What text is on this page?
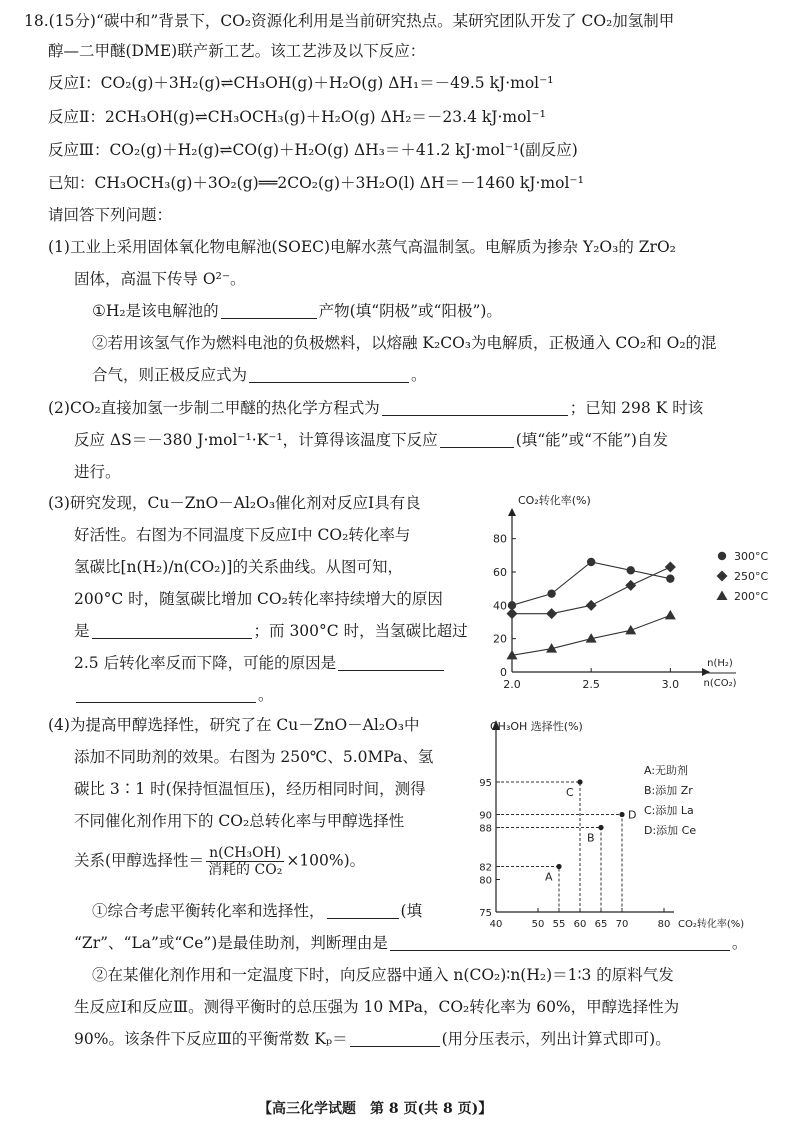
18.(15分)“碳中和”背景下，CO₂资源化利用是当前研究热点。某研究团队开发了 CO₂加氢制甲
醇—二甲醚(DME)联产新工艺。该工艺涉及以下反应：
反应Ⅰ：CO₂(g)＋3H₂(g)⇌CH₃OH(g)＋H₂O(g) ΔH₁＝－49.5 kJ·mol⁻¹
反应Ⅱ：2CH₃OH(g)⇌CH₃OCH₃(g)＋H₂O(g) ΔH₂＝－23.4 kJ·mol⁻¹
反应Ⅲ：CO₂(g)＋H₂(g)⇌CO(g)＋H₂O(g) ΔH₃＝＋41.2 kJ·mol⁻¹(副反应)
已知：CH₃OCH₃(g)＋3O₂(g)══2CO₂(g)＋3H₂O(l) ΔH＝－1460 kJ·mol⁻¹
请回答下列问题：
(1)工业上采用固体氧化物电解池(SOEC)电解水蒸气高温制氢。电解质为掺杂 Y₂O₃的 ZrO₂
固体，高温下传导 O²⁻。
①H₂是该电解池的	产物(填“阴极”或“阳极”)。
②若用该氢气作为燃料电池的负极燃料，以熔融 K₂CO₃为电解质，正极通入 CO₂和 O₂的混
合气，则正极反应式为	。
(2)CO₂直接加氢一步制二甲醚的热化学方程式为	；已知 298 K 时该
反应 ΔS＝－380 J·mol⁻¹·K⁻¹，计算得该温度下反应	(填“能”或“不能”)自发
进行。
(3)研究发现，Cu－ZnO－Al₂O₃催化剂对反应Ⅰ具有良
好活性。右图为不同温度下反应Ⅰ中 CO₂转化率与
氢碳比[n(H₂)/n(CO₂)]的关系曲线。从图可知，
200°C 时，随氢碳比增加 CO₂转化率持续增大的原因
是	；而 300°C 时，当氢碳比超过
2.5 后转化率反而下降，可能的原因是
。
CO₂转化率(%)
0
20
40
60
80
2.0	2.5	3.0
n(H₂)
n(CO₂)
300°C
250°C
200°C
(4)为提高甲醇选择性，研究了在 Cu－ZnO－Al₂O₃中
添加不同助剂的效果。右图为 250℃、5.0MPa、氢
碳比 3∶1 时(保持恒温恒压)，经历相同时间，测得
不同催化剂作用下的 CO₂总转化率与甲醇选择性
关系(甲醇选择性＝ $\frac{\text{n(CH₃OH)}}{\text{消耗的 CO₂}} \times 100\%$)。
①综合考虑平衡转化率和选择性，	(填
“Zr”、“La”或“Ce”)是最佳助剂，判断理由是	。
②在某催化剂作用和一定温度下时，向反应器中通入 n(CO₂)∶n(H₂)＝1∶3 的原料气发
生反应Ⅰ和反应Ⅲ。测得平衡时的总压强为 10 MPa，CO₂转化率为 60%，甲醇选择性为
90%。该条件下反应Ⅲ的平衡常数 Kₚ＝	(用分压表示，列出计算式即可)。
CH₃OH 选择性(%)
75
80
82
88
90
95
40	50 55 60 65 70	80 CO₂转化率(%)
A
B
C
D
A:无助剂
B:添加 Zr
C:添加 La
D:添加 Ce
【高三化学试题　第 8 页(共 8 页)】
